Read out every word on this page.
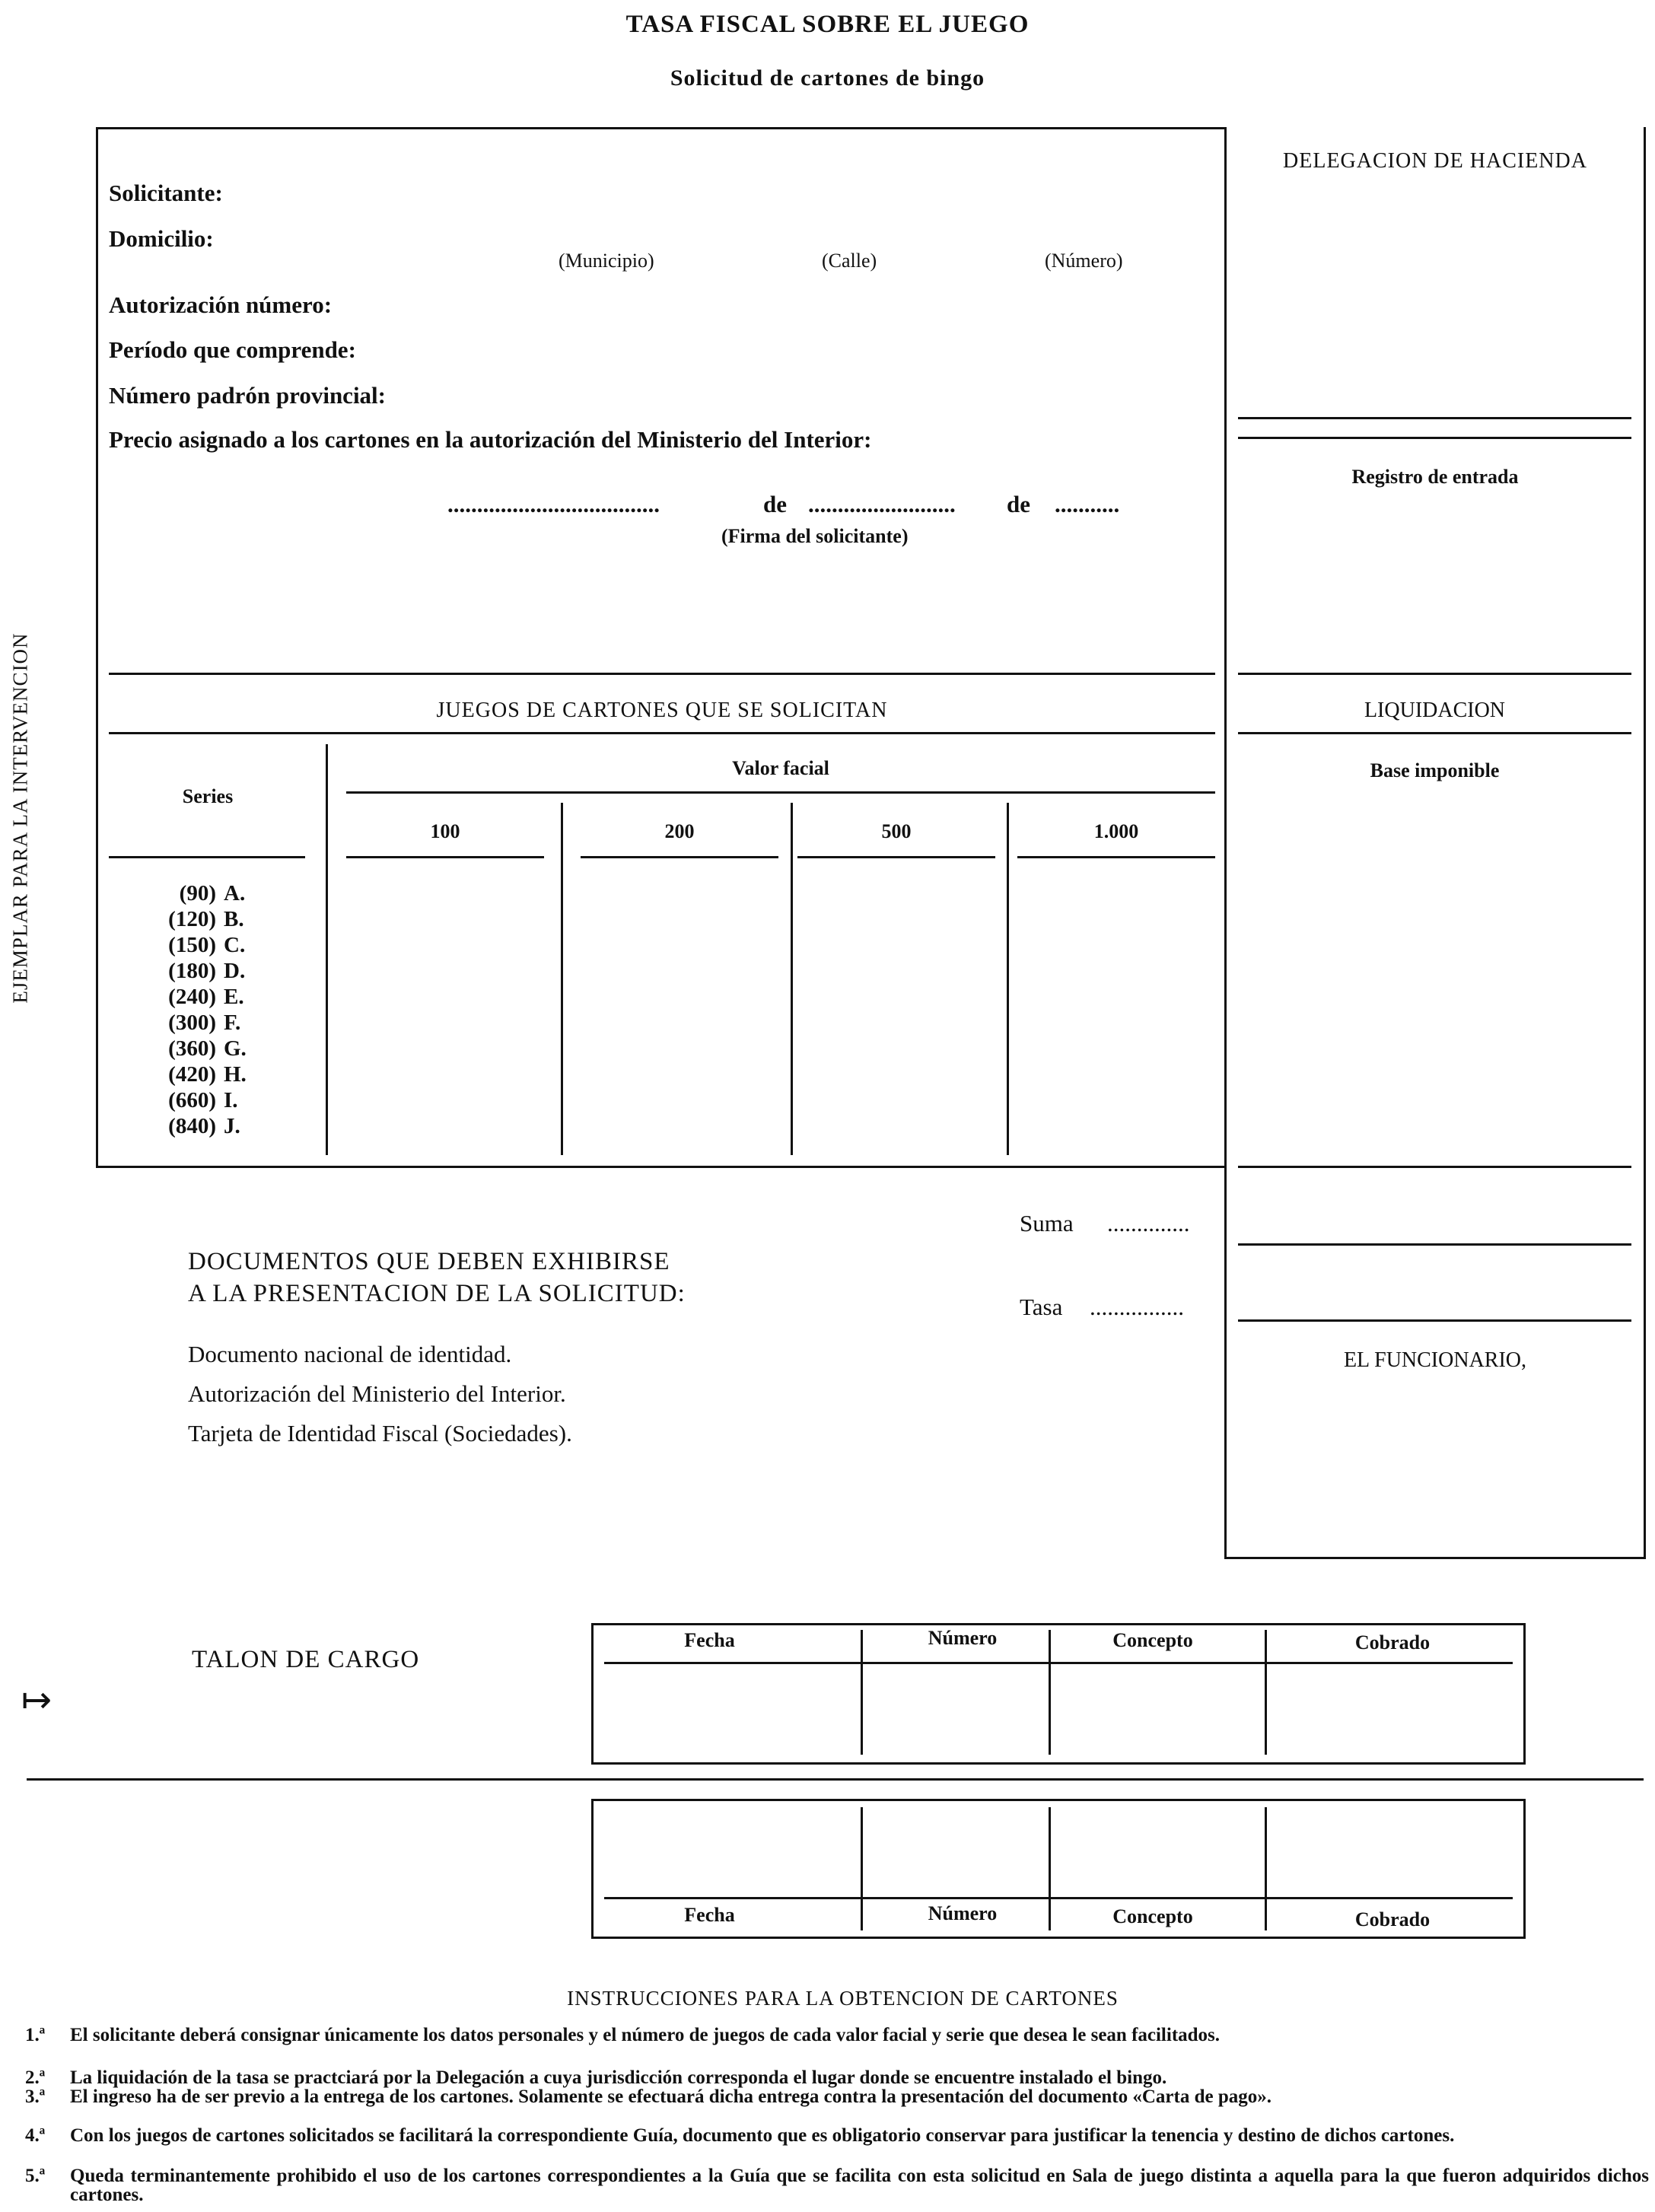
TASA FISCAL SOBRE EL JUEGO
Solicitud de cartones de bingo
EJEMPLAR PARA LA INTERVENCION
Solicitante:
Domicilio:
(Municipio)	(Calle)	(Número)
Autorización número:
Período que comprende:
Número padrón provincial:
Precio asignado a los cartones en la autorización del Ministerio del Interior:
....................................	de ......................... de ...........
(Firma del solicitante)
DELEGACION DE HACIENDA
Registro de entrada
JUEGOS DE CARTONES QUE SE SOLICITAN	LIQUIDACION
Base imponible
Series
Valor facial
100	200	500	1.000
(90) A.
(120) B.
(150) C.
(180) D.
(240) E.
(300) F.
(360) G.
(420) H.
(660) I.
(840) J.
EL FUNCIONARIO,
Suma ..............
Tasa ................
DOCUMENTOS QUE DEBEN EXHIBIRSE
A LA PRESENTACION DE LA SOLICITUD:
Documento nacional de identidad.
Autorización del Ministerio del Interior.
Tarjeta de Identidad Fiscal (Sociedades).
TALON DE CARGO
↦
Fecha	Número	Concepto	Cobrado
Fecha	Número	Concepto	Cobrado
INSTRUCCIONES PARA LA OBTENCION DE CARTONES
1.ª El solicitante deberá consignar únicamente los datos personales y el número de juegos de cada valor facial y serie que desea le sean facilitados.
2.ª La liquidación de la tasa se practciará por la Delegación a cuya jurisdicción corresponda el lugar donde se encuentre instalado el bingo.
3.ª El ingreso ha de ser previo a la entrega de los cartones. Solamente se efectuará dicha entrega contra la presentación del documento «Carta de pago».
4.ª Con los juegos de cartones solicitados se facilitará la correspondiente Guía, documento que es obligatorio conservar para justificar la tenencia y destino de dichos cartones.
5.ª Queda terminantemente prohibido el uso de los cartones correspondientes a la Guía que se facilita con esta solicitud en Sala de juego distinta a aquella para la que fueron adquiridos dichos cartones.
